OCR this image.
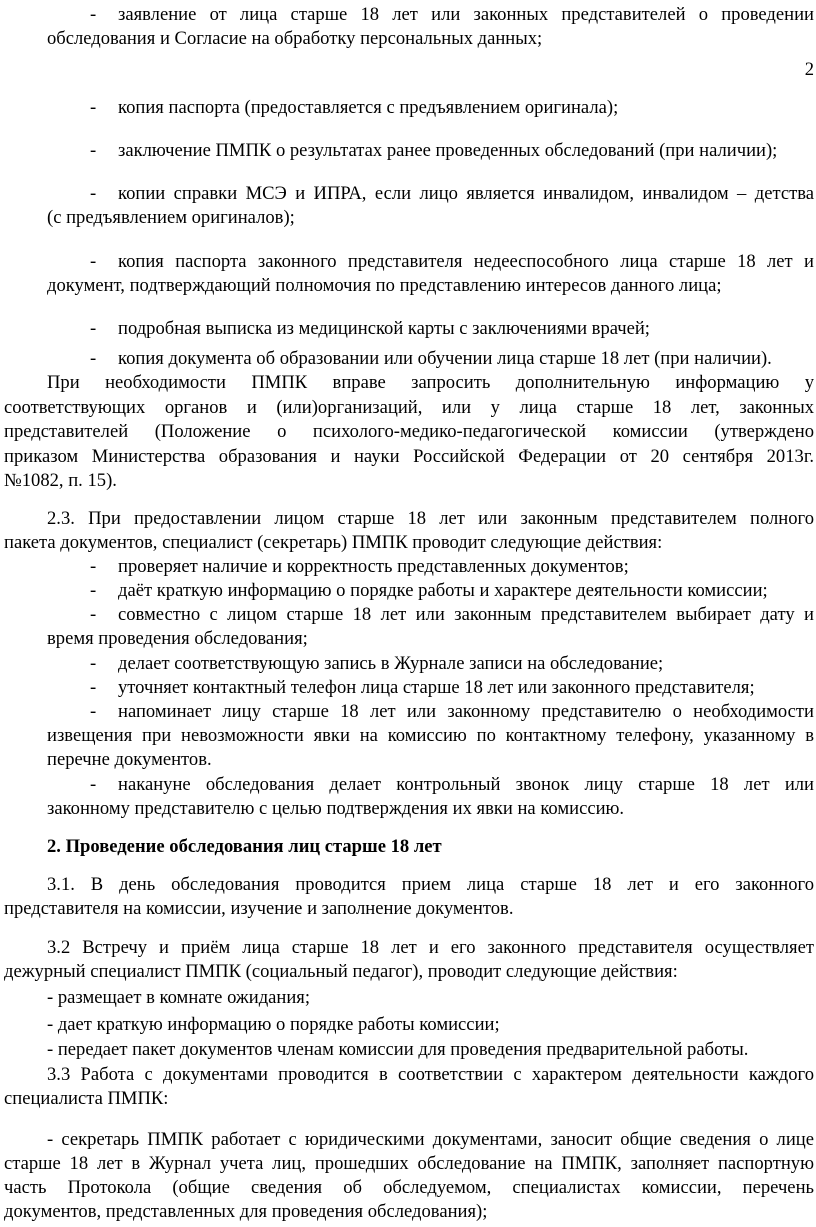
2
- заявление от лица старше 18 лет или законных представителей о проведении
обследования и Согласие на обработку персональных данных;
- копия паспорта (предоставляется с предъявлением оригинала);
- заключение ПМПК о результатах ранее проведенных обследований (при наличии);
- копии справки МСЭ и ИПРА, если лицо является инвалидом, инвалидом – детства
(с предъявлением оригиналов);
- копия паспорта законного представителя недееспособного лица старше 18 лет и
документ, подтверждающий полномочия по представлению интересов данного лица;
- подробная выписка из медицинской карты с заключениями врачей;
- копия документа об образовании или обучении лица старше 18 лет (при наличии).
При необходимости ПМПК вправе запросить дополнительную информацию у
соответствующих органов и (или)организаций, или у лица старше 18 лет, законных
представителей (Положение о психолого-медико-педагогической комиссии (утверждено
приказом Министерства образования и науки Российской Федерации от 20 сентября 2013г.
№1082, п. 15).
2.3. При предоставлении лицом старше 18 лет или законным представителем полного
пакета документов, специалист (секретарь) ПМПК проводит следующие действия:
- проверяет наличие и корректность представленных документов;
- даёт краткую информацию о порядке работы и характере деятельности комиссии;
- совместно с лицом старше 18 лет или законным представителем выбирает дату и
время проведения обследования;
- делает соответствующую запись в Журнале записи на обследование;
- уточняет контактный телефон лица старше 18 лет или законного представителя;
- напоминает лицу старше 18 лет или законному представителю о необходимости
извещения при невозможности явки на комиссию по контактному телефону, указанному в
перечне документов.
- накануне обследования делает контрольный звонок лицу старше 18 лет или
законному представителю с целью подтверждения их явки на комиссию.
2. Проведение обследования лиц старше 18 лет
3.1. В день обследования проводится прием лица старше 18 лет и его законного
представителя на комиссии, изучение и заполнение документов.
3.2 Встречу и приём лица старше 18 лет и его законного представителя осуществляет
дежурный специалист ПМПК (социальный педагог), проводит следующие действия:
- размещает в комнате ожидания;
- дает краткую информацию о порядке работы комиссии;
- передает пакет документов членам комиссии для проведения предварительной работы.
3.3 Работа с документами проводится в соответствии с характером деятельности каждого
специалиста ПМПК:
- секретарь ПМПК работает с юридическими документами, заносит общие сведения о лице
старше 18 лет в Журнал учета лиц, прошедших обследование на ПМПК, заполняет паспортную
часть Протокола (общие сведения об обследуемом, специалистах комиссии, перечень
документов, представленных для проведения обследования);
